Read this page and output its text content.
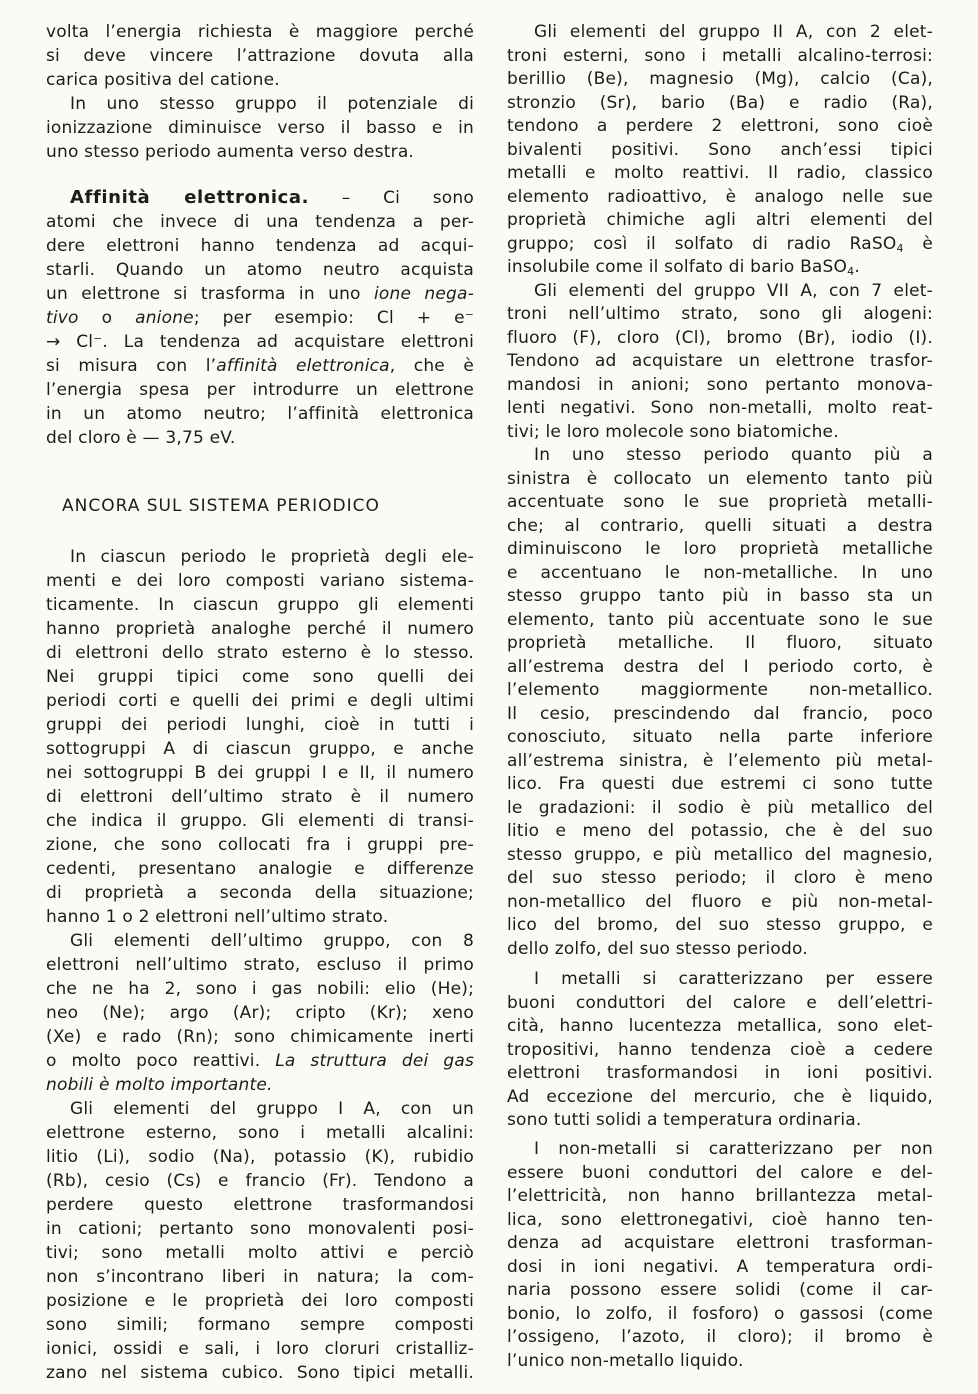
volta l’energia richiesta è maggiore perché
si deve vincere l’attrazione dovuta alla
carica positiva del catione.
In uno stesso gruppo il potenziale di
ionizzazione diminuisce verso il basso e in
uno stesso periodo aumenta verso destra.
Affinità elettronica. – Ci sono
atomi che invece di una tendenza a per-
dere elettroni hanno tendenza ad acqui-
starli. Quando un atomo neutro acquista
un elettrone si trasforma in uno ione nega-
tivo o anione; per esempio: Cl + e⁻
→ Cl⁻. La tendenza ad acquistare elettroni
si misura con l’affinità elettronica, che è
l’energia spesa per introdurre un elettrone
in un atomo neutro; l’affinità elettronica
del cloro è — 3,75 eV.
ANCORA SUL SISTEMA PERIODICO
In ciascun periodo le proprietà degli ele-
menti e dei loro composti variano sistema-
ticamente. In ciascun gruppo gli elementi
hanno proprietà analoghe perché il numero
di elettroni dello strato esterno è lo stesso.
Nei gruppi tipici come sono quelli dei
periodi corti e quelli dei primi e degli ultimi
gruppi dei periodi lunghi, cioè in tutti i
sottogruppi A di ciascun gruppo, e anche
nei sottogruppi B dei gruppi I e II, il numero
di elettroni dell’ultimo strato è il numero
che indica il gruppo. Gli elementi di transi-
zione, che sono collocati fra i gruppi pre-
cedenti, presentano analogie e differenze
di proprietà a seconda della situazione;
hanno 1 o 2 elettroni nell’ultimo strato.
Gli elementi dell’ultimo gruppo, con 8
elettroni nell’ultimo strato, escluso il primo
che ne ha 2, sono i gas nobili: elio (He);
neo (Ne); argo (Ar); cripto (Kr); xeno
(Xe) e rado (Rn); sono chimicamente inerti
o molto poco reattivi. La struttura dei gas
nobili è molto importante.
Gli elementi del gruppo I A, con un
elettrone esterno, sono i metalli alcalini:
litio (Li), sodio (Na), potassio (K), rubidio
(Rb), cesio (Cs) e francio (Fr). Tendono a
perdere questo elettrone trasformandosi
in cationi; pertanto sono monovalenti posi-
tivi; sono metalli molto attivi e perciò
non s’incontrano liberi in natura; la com-
posizione e le proprietà dei loro composti
sono simili; formano sempre composti
ionici, ossidi e sali, i loro cloruri cristalliz-
zano nel sistema cubico. Sono tipici metalli.
Gli elementi del gruppo II A, con 2 elet-
troni esterni, sono i metalli alcalino-terrosi:
berillio (Be), magnesio (Mg), calcio (Ca),
stronzio (Sr), bario (Ba) e radio (Ra),
tendono a perdere 2 elettroni, sono cioè
bivalenti positivi. Sono anch’essi tipici
metalli e molto reattivi. Il radio, classico
elemento radioattivo, è analogo nelle sue
proprietà chimiche agli altri elementi del
gruppo; così il solfato di radio RaSO$_4$ è
insolubile come il solfato di bario BaSO$_4$.
Gli elementi del gruppo VII A, con 7 elet-
troni nell’ultimo strato, sono gli alogeni:
fluoro (F), cloro (Cl), bromo (Br), iodio (I).
Tendono ad acquistare un elettrone trasfor-
mandosi in anioni; sono pertanto monova-
lenti negativi. Sono non-metalli, molto reat-
tivi; le loro molecole sono biatomiche.
In uno stesso periodo quanto più a
sinistra è collocato un elemento tanto più
accentuate sono le sue proprietà metalli-
che; al contrario, quelli situati a destra
diminuiscono le loro proprietà metalliche
e accentuano le non-metalliche. In uno
stesso gruppo tanto più in basso sta un
elemento, tanto più accentuate sono le sue
proprietà metalliche. Il fluoro, situato
all’estrema destra del I periodo corto, è
l’elemento maggiormente non-metallico.
Il cesio, prescindendo dal francio, poco
conosciuto, situato nella parte inferiore
all’estrema sinistra, è l’elemento più metal-
lico. Fra questi due estremi ci sono tutte
le gradazioni: il sodio è più metallico del
litio e meno del potassio, che è del suo
stesso gruppo, e più metallico del magnesio,
del suo stesso periodo; il cloro è meno
non-metallico del fluoro e più non-metal-
lico del bromo, del suo stesso gruppo, e
dello zolfo, del suo stesso periodo.
I metalli si caratterizzano per essere
buoni conduttori del calore e dell’elettri-
cità, hanno lucentezza metallica, sono elet-
tropositivi, hanno tendenza cioè a cedere
elettroni trasformandosi in ioni positivi.
Ad eccezione del mercurio, che è liquido,
sono tutti solidi a temperatura ordinaria.
I non-metalli si caratterizzano per non
essere buoni conduttori del calore e del-
l’elettricità, non hanno brillantezza metal-
lica, sono elettronegativi, cioè hanno ten-
denza ad acquistare elettroni trasforman-
dosi in ioni negativi. A temperatura ordi-
naria possono essere solidi (come il car-
bonio, lo zolfo, il fosforo) o gassosi (come
l’ossigeno, l’azoto, il cloro); il bromo è
l’unico non-metallo liquido.
